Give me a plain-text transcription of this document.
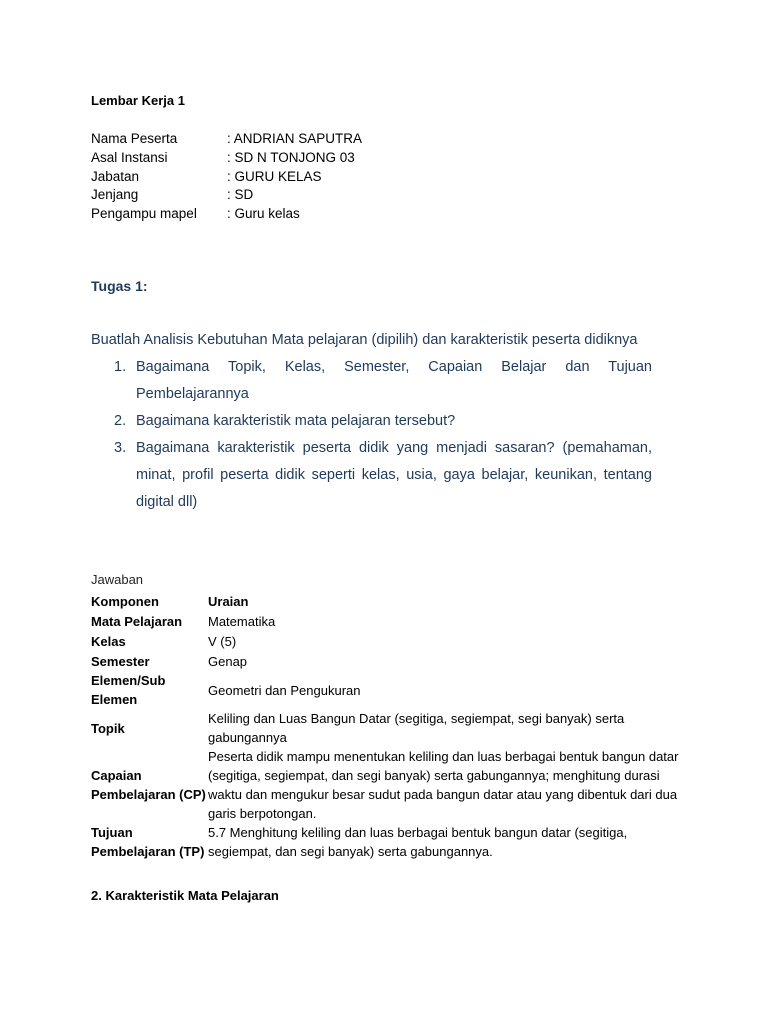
Lembar Kerja 1
Nama Peserta	: ANDRIAN SAPUTRA
Asal Instansi	: SD N TONJONG 03
Jabatan	: GURU KELAS
Jenjang	: SD
Pengampu mapel	: Guru kelas
Tugas 1:
Buatlah Analisis Kebutuhan Mata pelajaran (dipilih) dan karakteristik peserta didiknya
1. Bagaimana Topik, Kelas, Semester, Capaian Belajar dan Tujuan Pembelajarannya
2. Bagaimana karakteristik mata pelajaran tersebut?
3. Bagaimana karakteristik peserta didik yang menjadi sasaran? (pemahaman, minat, profil peserta didik seperti kelas, usia, gaya belajar, keunikan, tentang digital dll)
Jawaban
Komponen	Uraian
Mata Pelajaran	Matematika
Kelas	V (5)
Semester	Genap
Elemen/Sub Elemen	Geometri dan Pengukuran
Topik	Keliling dan Luas Bangun Datar (segitiga, segiempat, segi banyak) serta gabungannya
Capaian Pembelajaran (CP)	Peserta didik mampu menentukan keliling dan luas berbagai bentuk bangun datar (segitiga, segiempat, dan segi banyak) serta gabungannya; menghitung durasi waktu dan mengukur besar sudut pada bangun datar atau yang dibentuk dari dua garis berpotongan.
Tujuan Pembelajaran (TP)	5.7 Menghitung keliling dan luas berbagai bentuk bangun datar (segitiga, segiempat, dan segi banyak) serta gabungannya.
2. Karakteristik Mata Pelajaran
